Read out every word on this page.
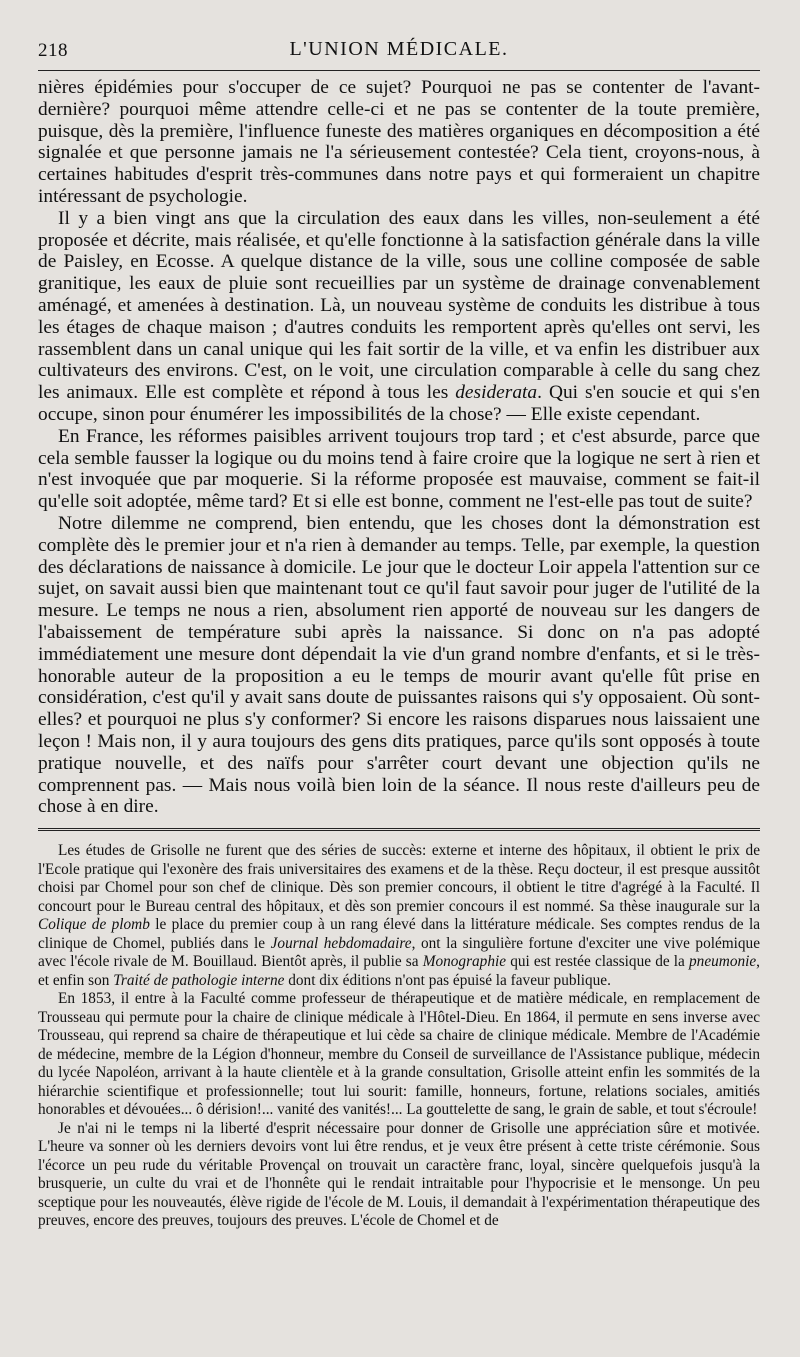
218	L'UNION MÉDICALE.

nières épidémies pour s'occuper de ce sujet? Pourquoi ne pas se contenter de l'avant-dernière? pourquoi même attendre celle-ci et ne pas se contenter de la toute première, puisque, dès la première, l'influence funeste des matières organiques en décomposition a été signalée et que personne jamais ne l'a sérieusement contestée? Cela tient, croyons-nous, à certaines habitudes d'esprit très-communes dans notre pays et qui formeraient un chapitre intéressant de psychologie.

Il y a bien vingt ans que la circulation des eaux dans les villes, non-seulement a été proposée et décrite, mais réalisée, et qu'elle fonctionne à la satisfaction générale dans la ville de Paisley, en Ecosse. A quelque distance de la ville, sous une colline composée de sable granitique, les eaux de pluie sont recueillies par un système de drainage convenablement aménagé, et amenées à destination. Là, un nouveau système de conduits les distribue à tous les étages de chaque maison ; d'autres conduits les remportent après qu'elles ont servi, les rassemblent dans un canal unique qui les fait sortir de la ville, et va enfin les distribuer aux cultivateurs des environs. C'est, on le voit, une circulation comparable à celle du sang chez les animaux. Elle est complète et répond à tous les desiderata. Qui s'en soucie et qui s'en occupe, sinon pour énumérer les impossibilités de la chose? — Elle existe cependant.

En France, les réformes paisibles arrivent toujours trop tard ; et c'est absurde, parce que cela semble fausser la logique ou du moins tend à faire croire que la logique ne sert à rien et n'est invoquée que par moquerie. Si la réforme proposée est mauvaise, comment se fait-il qu'elle soit adoptée, même tard? Et si elle est bonne, comment ne l'est-elle pas tout de suite?

Notre dilemme ne comprend, bien entendu, que les choses dont la démonstration est complète dès le premier jour et n'a rien à demander au temps. Telle, par exemple, la question des déclarations de naissance à domicile. Le jour que le docteur Loir appela l'attention sur ce sujet, on savait aussi bien que maintenant tout ce qu'il faut savoir pour juger de l'utilité de la mesure. Le temps ne nous a rien, absolument rien apporté de nouveau sur les dangers de l'abaissement de température subi après la naissance. Si donc on n'a pas adopté immédiatement une mesure dont dépendait la vie d'un grand nombre d'enfants, et si le très-honorable auteur de la proposition a eu le temps de mourir avant qu'elle fût prise en considération, c'est qu'il y avait sans doute de puissantes raisons qui s'y opposaient. Où sont-elles? et pourquoi ne plus s'y conformer? Si encore les raisons disparues nous laissaient une leçon ! Mais non, il y aura toujours des gens dits pratiques, parce qu'ils sont opposés à toute pratique nouvelle, et des naïfs pour s'arrêter court devant une objection qu'ils ne comprennent pas. — Mais nous voilà bien loin de la séance. Il nous reste d'ailleurs peu de chose à en dire.

Les études de Grisolle ne furent que des séries de succès: externe et interne des hôpitaux, il obtient le prix de l'Ecole pratique qui l'exonère des frais universitaires des examens et de la thèse. Reçu docteur, il est presque aussitôt choisi par Chomel pour son chef de clinique. Dès son premier concours, il obtient le titre d'agrégé à la Faculté. Il concourt pour le Bureau central des hôpitaux, et dès son premier concours il est nommé. Sa thèse inaugurale sur la Colique de plomb le place du premier coup à un rang élevé dans la littérature médicale. Ses comptes rendus de la clinique de Chomel, publiés dans le Journal hebdomadaire, ont la singulière fortune d'exciter une vive polémique avec l'école rivale de M. Bouillaud. Bientôt après, il publie sa Monographie qui est restée classique de la pneumonie, et enfin son Traité de pathologie interne dont dix éditions n'ont pas épuisé la faveur publique.

En 1853, il entre à la Faculté comme professeur de thérapeutique et de matière médicale, en remplacement de Trousseau qui permute pour la chaire de clinique médicale à l'Hôtel-Dieu. En 1864, il permute en sens inverse avec Trousseau, qui reprend sa chaire de thérapeutique et lui cède sa chaire de clinique médicale. Membre de l'Académie de médecine, membre de la Légion d'honneur, membre du Conseil de surveillance de l'Assistance publique, médecin du lycée Napoléon, arrivant à la haute clientèle et à la grande consultation, Grisolle atteint enfin les sommités de la hiérarchie scientifique et professionnelle; tout lui sourit: famille, honneurs, fortune, relations sociales, amitiés honorables et dévouées... ô dérision!... vanité des vanités!... La gouttelette de sang, le grain de sable, et tout s'écroule!

Je n'ai ni le temps ni la liberté d'esprit nécessaire pour donner de Grisolle une appréciation sûre et motivée. L'heure va sonner où les derniers devoirs vont lui être rendus, et je veux être présent à cette triste cérémonie. Sous l'écorce un peu rude du véritable Provençal on trouvait un caractère franc, loyal, sincère quelquefois jusqu'à la brusquerie, un culte du vrai et de l'honnête qui le rendait intraitable pour l'hypocrisie et le mensonge. Un peu sceptique pour les nouveautés, élève rigide de l'école de M. Louis, il demandait à l'expérimentation thérapeutique des preuves, encore des preuves, toujours des preuves. L'école de Chomel et de
